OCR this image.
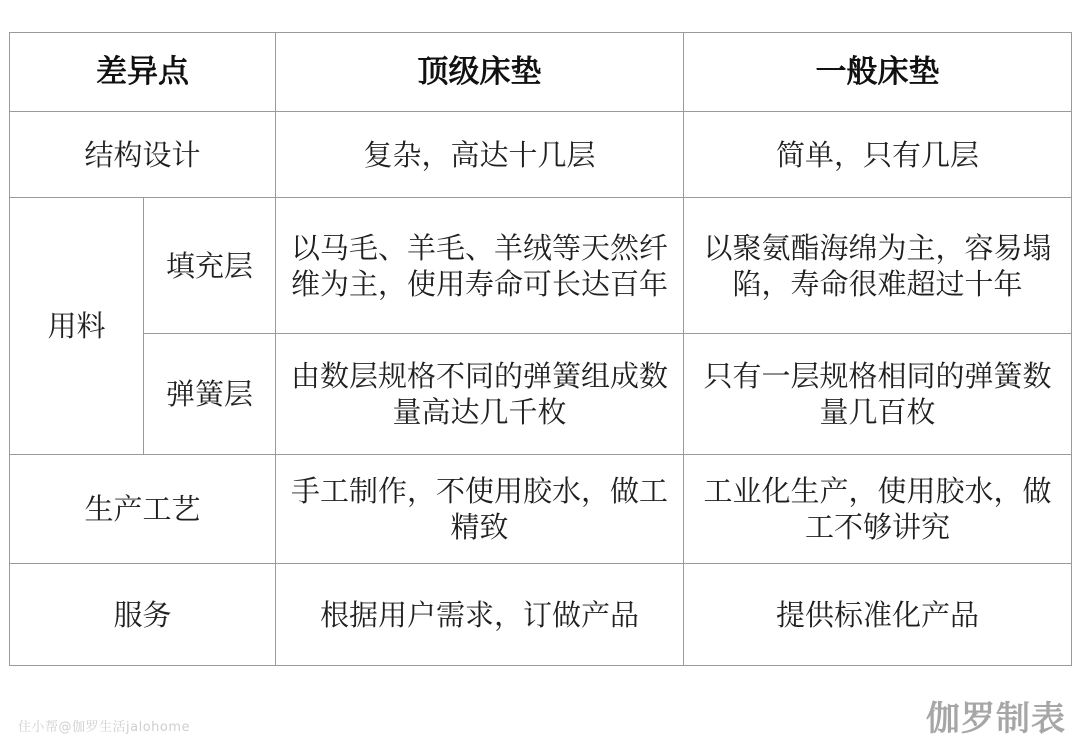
差异点		顶级床垫	一般床垫
结构设计		复杂，高达十几层	简单，只有几层
用料	填充层	以马毛、羊毛、羊绒等天然纤维为主，使用寿命可长达百年	以聚氨酯海绵为主，容易塌陷，寿命很难超过十年
	弹簧层	由数层规格不同的弹簧组成数量高达几千枚	只有一层规格相同的弹簧数量几百枚
生产工艺		手工制作，不使用胶水，做工精致	工业化生产，使用胶水，做工不够讲究
服务		根据用户需求，订做产品	提供标准化产品
住小帮@伽罗生活jalohome	伽罗制表
